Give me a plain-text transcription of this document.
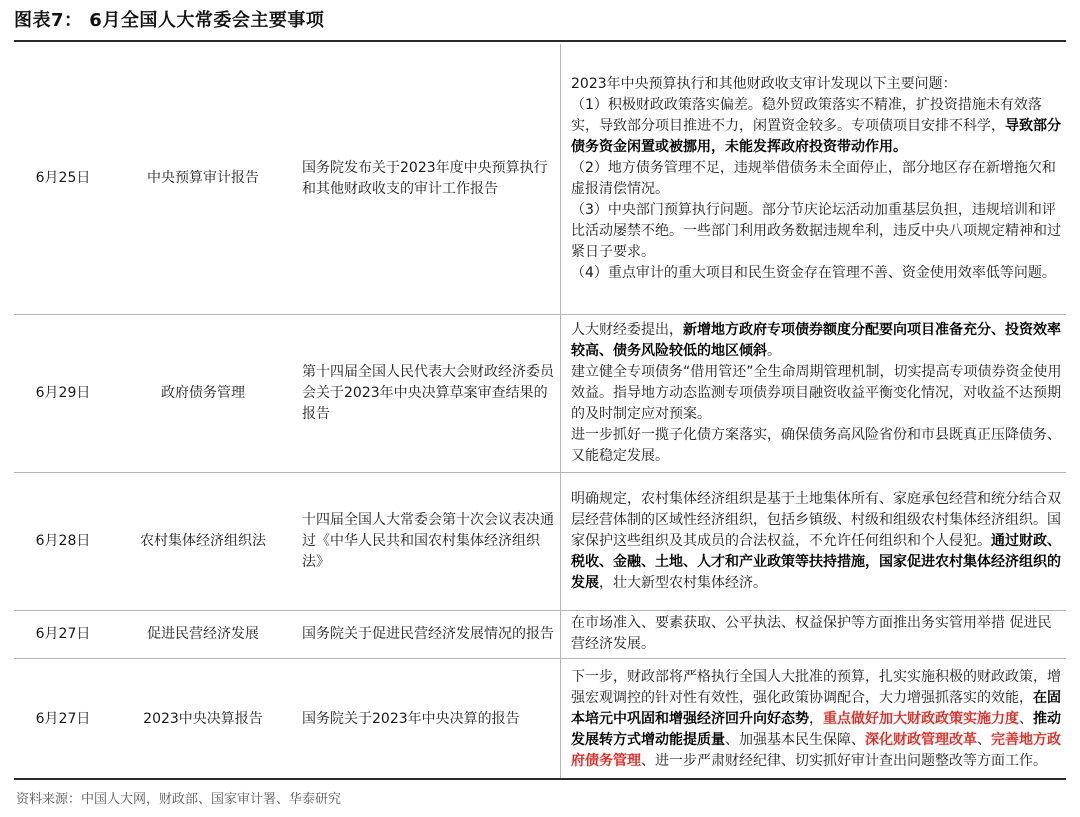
图表7： 6月全国人大常委会主要事项
6月25日	中央预算审计报告	国务院发布关于2023年度中央预算执行和其他财政收支的审计工作报告	2023年中央预算执行和其他财政收支审计发现以下主要问题：
（1）积极财政政策落实偏差。稳外贸政策落实不精准，扩投资措施未有效落实，导致部分项目推进不力，闲置资金较多。专项债项目安排不科学，导致部分债务资金闲置或被挪用，未能发挥政府投资带动作用。
（2）地方债务管理不足，违规举借债务未全面停止，部分地区存在新增拖欠和虚报清偿情况。
（3）中央部门预算执行问题。部分节庆论坛活动加重基层负担，违规培训和评比活动屡禁不绝。一些部门利用政务数据违规牟利，违反中央八项规定精神和过紧日子要求。
（4）重点审计的重大项目和民生资金存在管理不善、资金使用效率低等问题。

6月29日	政府债务管理	第十四届全国人民代表大会财政经济委员会关于2023年中央决算草案审查结果的报告	人大财经委提出，新增地方政府专项债券额度分配要向项目准备充分、投资效率较高、债务风险较低的地区倾斜。
建立健全专项债务“借用管还”全生命周期管理机制，切实提高专项债券资金使用效益。指导地方动态监测专项债券项目融资收益平衡变化情况，对收益不达预期的及时制定应对预案。
进一步抓好一揽子化债方案落实，确保债务高风险省份和市县既真正压降债务、又能稳定发展。

6月28日	农村集体经济组织法	十四届全国人大常委会第十次会议表决通过《中华人民共和国农村集体经济组织法》	明确规定，农村集体经济组织是基于土地集体所有、家庭承包经营和统分结合双层经营体制的区域性经济组织，包括乡镇级、村级和组级农村集体经济组织。国家保护这些组织及其成员的合法权益，不允许任何组织和个人侵犯。通过财政、税收、金融、土地、人才和产业政策等扶持措施，国家促进农村集体经济组织的发展，壮大新型农村集体经济。

6月27日	促进民营经济发展	国务院关于促进民营经济发展情况的报告	在市场准入、要素获取、公平执法、权益保护等方面推出务实管用举措 促进民营经济发展。

6月27日	2023中央决算报告	国务院关于2023年中央决算的报告	下一步，财政部将严格执行全国人大批准的预算，扎实实施积极的财政政策，增强宏观调控的针对性有效性，强化政策协调配合，大力增强抓落实的效能，在固本培元中巩固和增强经济回升向好态势，重点做好加大财政政策实施力度、推动发展转方式增动能提质量、加强基本民生保障、深化财政管理改革、完善地方政府债务管理、进一步严肃财经纪律、切实抓好审计查出问题整改等方面工作。
资料来源：中国人大网，财政部、国家审计署、华泰研究
